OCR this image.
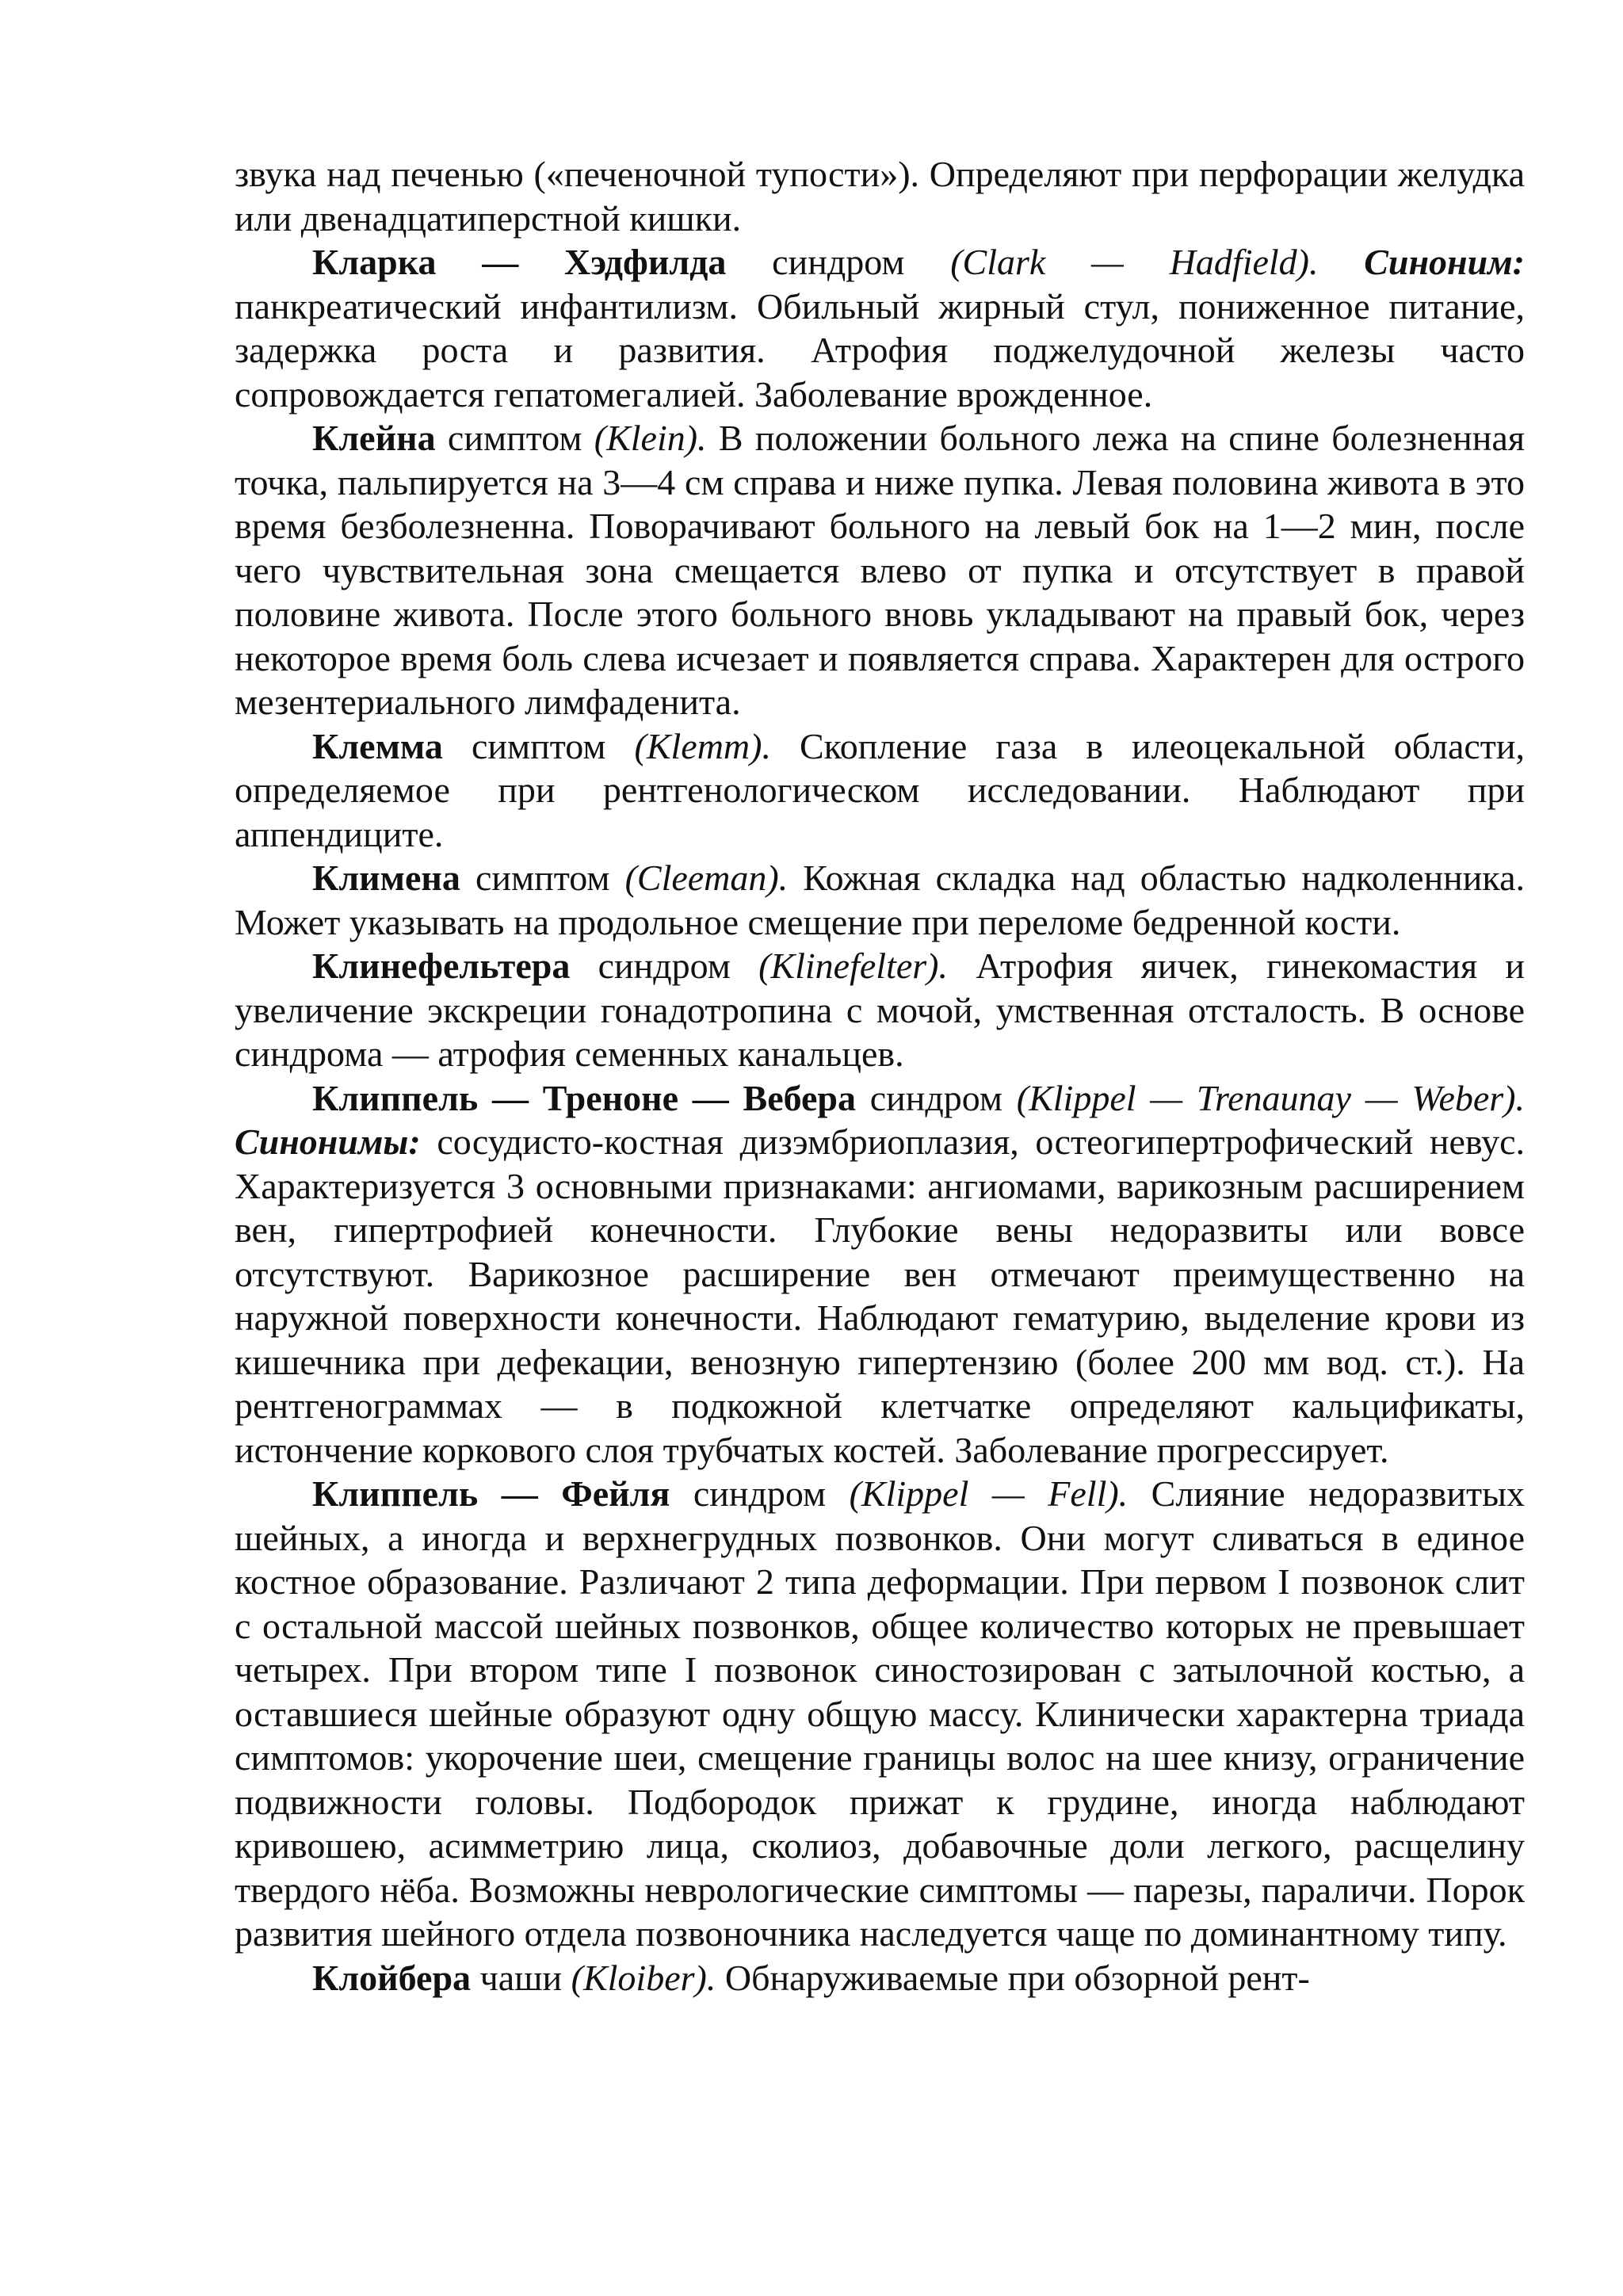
звука над печенью («печеночной тупости»). Определяют при перфорации желудка или двенадцатиперстной кишки.

Кларка — Хэдфилда синдром (Clark — Hadfield). Синоним: панкреатический инфантилизм. Обильный жирный стул, пониженное питание, задержка роста и развития. Атрофия поджелудочной железы часто сопровождается гепатомегалией. Заболевание врожденное.

Клейна симптом (Klein). В положении больного лежа на спине болезненная точка, пальпируется на 3—4 см справа и ниже пупка. Левая половина живота в это время безболезненна. Поворачивают больного на левый бок на 1—2 мин, после чего чувствительная зона смещается влево от пупка и отсутствует в правой половине живота. После этого больного вновь укладывают на правый бок, через некоторое время боль слева исчезает и появляется справа. Характерен для острого мезентериального лимфаденита.

Клемма симптом (Klemm). Скопление газа в илеоцекальной области, определяемое при рентгенологическом исследовании. Наблюдают при аппендиците.

Климена симптом (Cleeman). Кожная складка над областью надколенника. Может указывать на продольное смещение при переломе бедренной кости.

Клинефельтера синдром (Klinefelter). Атрофия яичек, гинекомастия и увеличение экскреции гонадотропина с мочой, умственная отсталость. В основе синдрома — атрофия семенных канальцев.

Клиппель — Треноне — Вебера синдром (Klippel — Trenaunay — Weber). Синонимы: сосудисто-костная дизэмбриоплазия, остеогипертрофический невус. Характеризуется 3 основными признаками: ангиомами, варикозным расширением вен, гипертрофией конечности. Глубокие вены недоразвиты или вовсе отсутствуют. Варикозное расширение вен отмечают преимущественно на наружной поверхности конечности. Наблюдают гематурию, выделение крови из кишечника при дефекации, венозную гипертензию (более 200 мм вод. ст.). На рентгенограммах — в подкожной клетчатке определяют кальцификаты, истончение коркового слоя трубчатых костей. Заболевание прогрессирует.

Клиппель — Фейля синдром (Klippel — Fell). Слияние недоразвитых шейных, а иногда и верхнегрудных позвонков. Они могут сливаться в единое костное образование. Различают 2 типа деформации. При первом I позвонок слит с остальной массой шейных позвонков, общее количество которых не превышает четырех. При втором типе I позвонок синостозирован с затылочной костью, а оставшиеся шейные образуют одну общую массу. Клинически характерна триада симптомов: укорочение шеи, смещение границы волос на шее книзу, ограничение подвижности головы. Подбородок прижат к грудине, иногда наблюдают кривошею, асимметрию лица, сколиоз, добавочные доли легкого, расщелину твердого нёба. Возможны неврологические симптомы — парезы, параличи. Порок развития шейного отдела позвоночника наследуется чаще по доминантному типу.

Клойбера чаши (Kloiber). Обнаруживаемые при обзорной рент-
